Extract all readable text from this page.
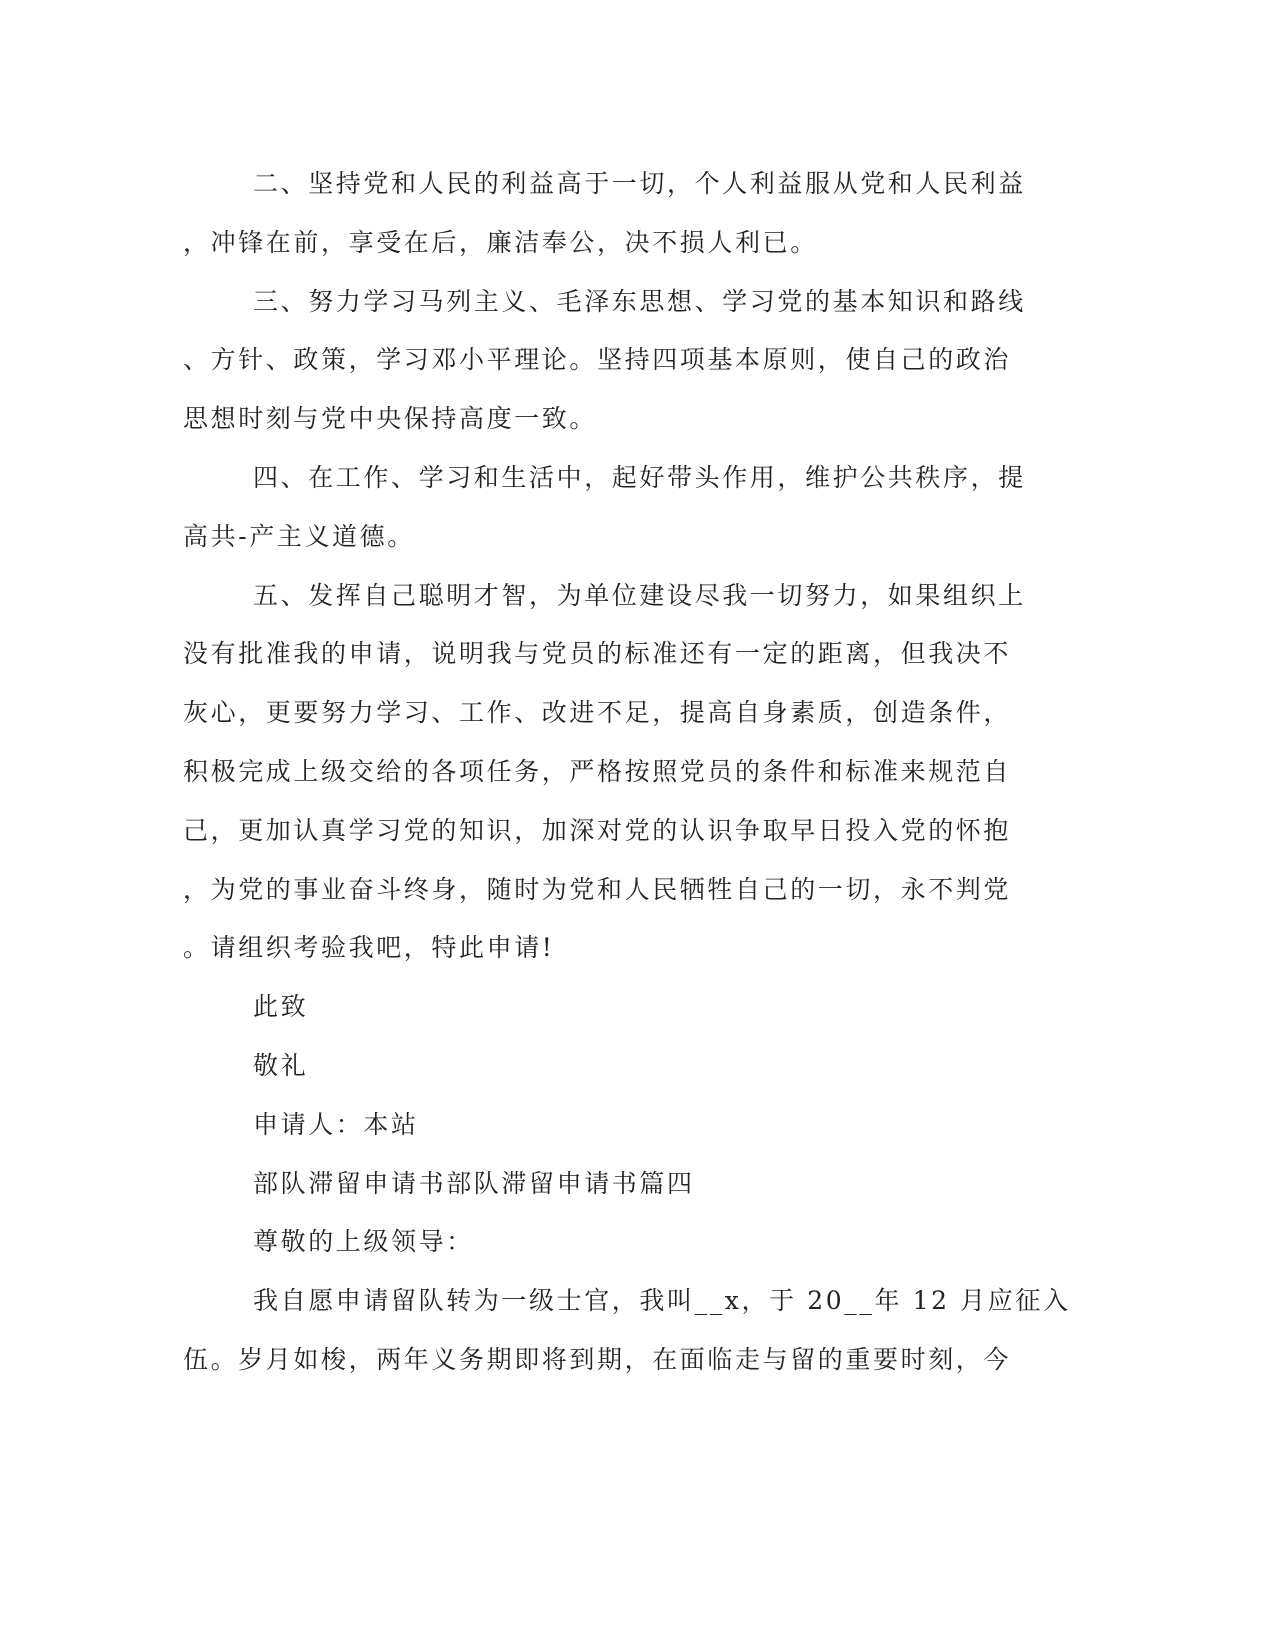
二、坚持党和人民的利益高于一切，个人利益服从党和人民利益
，冲锋在前，享受在后，廉洁奉公，决不损人利已。
三、努力学习马列主义、毛泽东思想、学习党的基本知识和路线
、方针、政策，学习邓小平理论。坚持四项基本原则，使自己的政治
思想时刻与党中央保持高度一致。
四、在工作、学习和生活中，起好带头作用，维护公共秩序，提
高共-产主义道德。
五、发挥自己聪明才智，为单位建设尽我一切努力，如果组织上
没有批准我的申请，说明我与党员的标准还有一定的距离，但我决不
灰心，更要努力学习、工作、改进不足，提高自身素质，创造条件，
积极完成上级交给的各项任务，严格按照党员的条件和标准来规范自
己，更加认真学习党的知识，加深对党的认识争取早日投入党的怀抱
，为党的事业奋斗终身，随时为党和人民牺牲自己的一切，永不判党
。请组织考验我吧，特此申请!
此致
敬礼
申请人：本站
部队滞留申请书部队滞留申请书篇四
尊敬的上级领导：
我自愿申请留队转为一级士官，我叫__x，于 20__年 12 月应征入
伍。岁月如梭，两年义务期即将到期，在面临走与留的重要时刻，今
